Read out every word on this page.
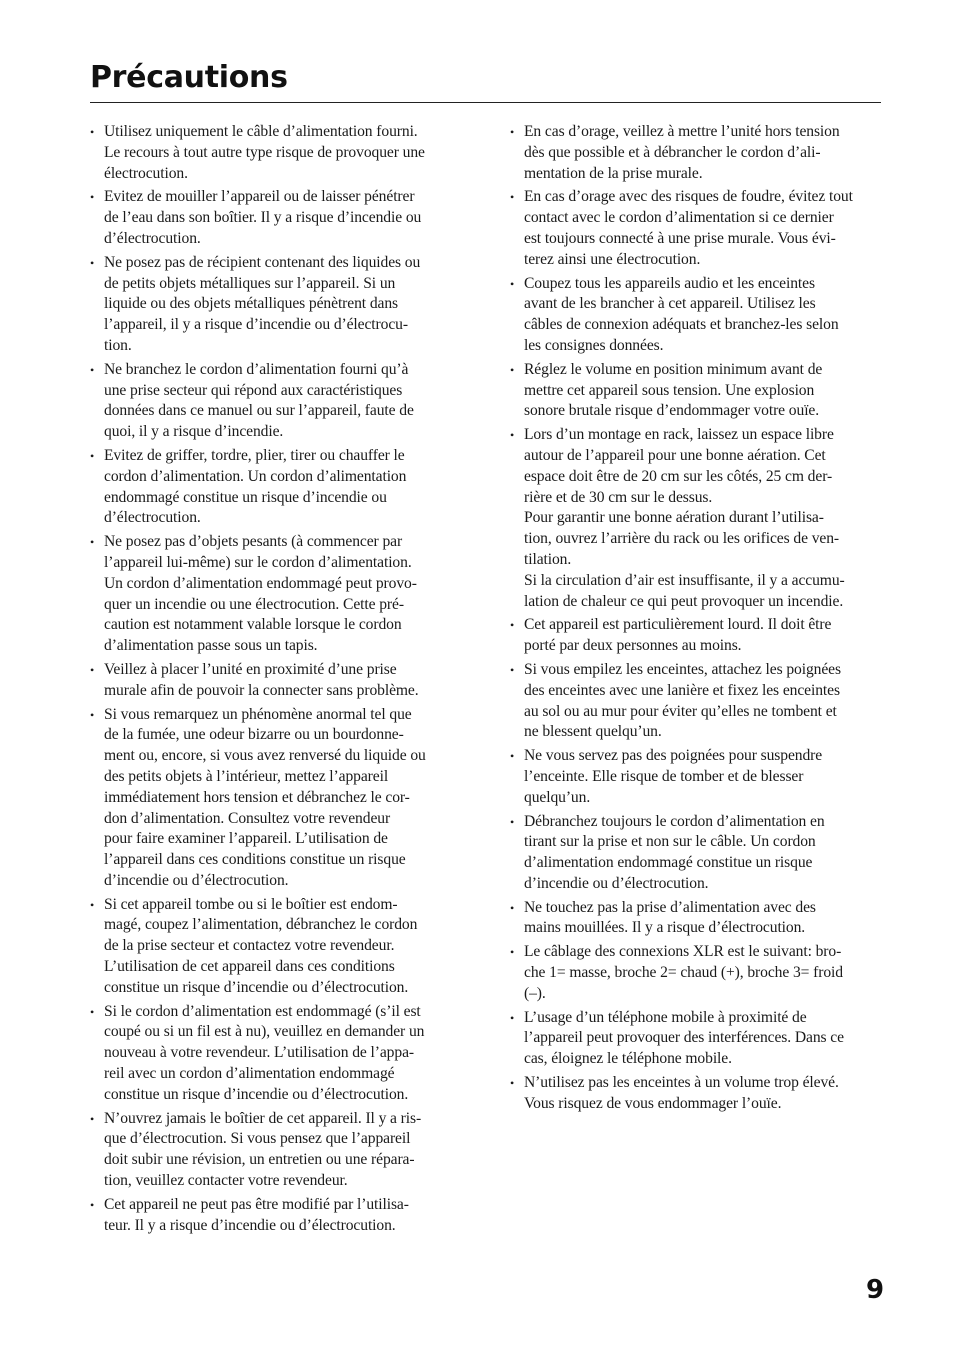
Précautions
• Utilisez uniquement le câble d’alimentation fourni.
Le recours à tout autre type risque de provoquer une
électrocution.
• Evitez de mouiller l’appareil ou de laisser pénétrer
de l’eau dans son boîtier. Il y a risque d’incendie ou
d’électrocution.
• Ne posez pas de récipient contenant des liquides ou
de petits objets métalliques sur l’appareil. Si un
liquide ou des objets métalliques pénètrent dans
l’appareil, il y a risque d’incendie ou d’électrocu-
tion.
• Ne branchez le cordon d’alimentation fourni qu’à
une prise secteur qui répond aux caractéristiques
données dans ce manuel ou sur l’appareil, faute de
quoi, il y a risque d’incendie.
• Evitez de griffer, tordre, plier, tirer ou chauffer le
cordon d’alimentation. Un cordon d’alimentation
endommagé constitue un risque d’incendie ou
d’électrocution.
• Ne posez pas d’objets pesants (à commencer par
l’appareil lui-même) sur le cordon d’alimentation.
Un cordon d’alimentation endommagé peut provo-
quer un incendie ou une électrocution. Cette pré-
caution est notamment valable lorsque le cordon
d’alimentation passe sous un tapis.
• Veillez à placer l’unité en proximité d’une prise
murale afin de pouvoir la connecter sans problème.
• Si vous remarquez un phénomène anormal tel que
de la fumée, une odeur bizarre ou un bourdonne-
ment ou, encore, si vous avez renversé du liquide ou
des petits objets à l’intérieur, mettez l’appareil
immédiatement hors tension et débranchez le cor-
don d’alimentation. Consultez votre revendeur
pour faire examiner l’appareil. L’utilisation de
l’appareil dans ces conditions constitue un risque
d’incendie ou d’électrocution.
• Si cet appareil tombe ou si le boîtier est endom-
magé, coupez l’alimentation, débranchez le cordon
de la prise secteur et contactez votre revendeur.
L’utilisation de cet appareil dans ces conditions
constitue un risque d’incendie ou d’électrocution.
• Si le cordon d’alimentation est endommagé (s’il est
coupé ou si un fil est à nu), veuillez en demander un
nouveau à votre revendeur. L’utilisation de l’appa-
reil avec un cordon d’alimentation endommagé
constitue un risque d’incendie ou d’électrocution.
• N’ouvrez jamais le boîtier de cet appareil. Il y a ris-
que d’électrocution. Si vous pensez que l’appareil
doit subir une révision, un entretien ou une répara-
tion, veuillez contacter votre revendeur.
• Cet appareil ne peut pas être modifié par l’utilisa-
teur. Il y a risque d’incendie ou d’électrocution.
• En cas d’orage, veillez à mettre l’unité hors tension
dès que possible et à débrancher le cordon d’ali-
mentation de la prise murale.
• En cas d’orage avec des risques de foudre, évitez tout
contact avec le cordon d’alimentation si ce dernier
est toujours connecté à une prise murale. Vous évi-
terez ainsi une électrocution.
• Coupez tous les appareils audio et les enceintes
avant de les brancher à cet appareil. Utilisez les
câbles de connexion adéquats et branchez-les selon
les consignes données.
• Réglez le volume en position minimum avant de
mettre cet appareil sous tension. Une explosion
sonore brutale risque d’endommager votre ouïe.
• Lors d’un montage en rack, laissez un espace libre
autour de l’appareil pour une bonne aération. Cet
espace doit être de 20 cm sur les côtés, 25 cm der-
rière et de 30 cm sur le dessus.
Pour garantir une bonne aération durant l’utilisa-
tion, ouvrez l’arrière du rack ou les orifices de ven-
tilation.
Si la circulation d’air est insuffisante, il y a accumu-
lation de chaleur ce qui peut provoquer un incendie.
• Cet appareil est particulièrement lourd. Il doit être
porté par deux personnes au moins.
• Si vous empilez les enceintes, attachez les poignées
des enceintes avec une lanière et fixez les enceintes
au sol ou au mur pour éviter qu’elles ne tombent et
ne blessent quelqu’un.
• Ne vous servez pas des poignées pour suspendre
l’enceinte. Elle risque de tomber et de blesser
quelqu’un.
• Débranchez toujours le cordon d’alimentation en
tirant sur la prise et non sur le câble. Un cordon
d’alimentation endommagé constitue un risque
d’incendie ou d’électrocution.
• Ne touchez pas la prise d’alimentation avec des
mains mouillées. Il y a risque d’électrocution.
• Le câblage des connexions XLR est le suivant: bro-
che 1= masse, broche 2= chaud (+), broche 3= froid
(–).
• L’usage d’un téléphone mobile à proximité de
l’appareil peut provoquer des interférences. Dans ce
cas, éloignez le téléphone mobile.
• N’utilisez pas les enceintes à un volume trop élevé.
Vous risquez de vous endommager l’ouïe.
9
